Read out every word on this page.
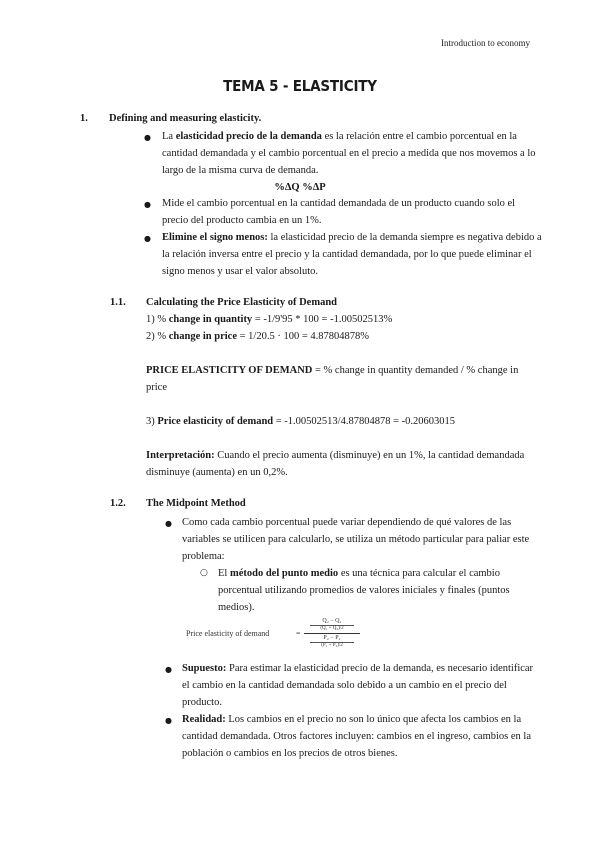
Introduction to economy
TEMA 5 - ELASTICITY
1. Defining and measuring elasticity.
● La elasticidad precio de la demanda es la relación entre el cambio porcentual en la
cantidad demandada y el cambio porcentual en el precio a medida que nos movemos a lo
largo de la misma curva de demanda.
%ΔQ %ΔP
● Mide el cambio porcentual en la cantidad demandada de un producto cuando solo el
precio del producto cambia en un 1%.
● Elimine el signo menos: la elasticidad precio de la demanda siempre es negativa debido a
la relación inversa entre el precio y la cantidad demandada, por lo que puede eliminar el
signo menos y usar el valor absoluto.
1.1. Calculating the Price Elasticity of Demand
1) % change in quantity = -1/9'95 * 100 = -1.00502513%
2) % change in price = 1/20.5 · 100 = 4.87804878%
PRICE ELASTICITY OF DEMAND = % change in quantity demanded / % change in
price
3) Price elasticity of demand = -1.00502513/4.87804878 = -0.20603015
Interpretación: Cuando el precio aumenta (disminuye) en un 1%, la cantidad demandada
disminuye (aumenta) en un 0,2%.
1.2. The Midpoint Method
● Como cada cambio porcentual puede variar dependiendo de qué valores de las
variables se utilicen para calcularlo, se utiliza un método particular para paliar este
problema:
○ El método del punto medio es una técnica para calcular el cambio
porcentual utilizando promedios de valores iniciales y finales (puntos
medios).
Price elasticity of demand	=
Q₂ − Q₁
(Q₁ + Q₂)/2
P₂ − P₁
(P₁ + P₂)/2
● Supuesto: Para estimar la elasticidad precio de la demanda, es necesario identificar
el cambio en la cantidad demandada solo debido a un cambio en el precio del
producto.
● Realidad: Los cambios en el precio no son lo único que afecta los cambios en la
cantidad demandada. Otros factores incluyen: cambios en el ingreso, cambios en la
población o cambios en los precios de otros bienes.
